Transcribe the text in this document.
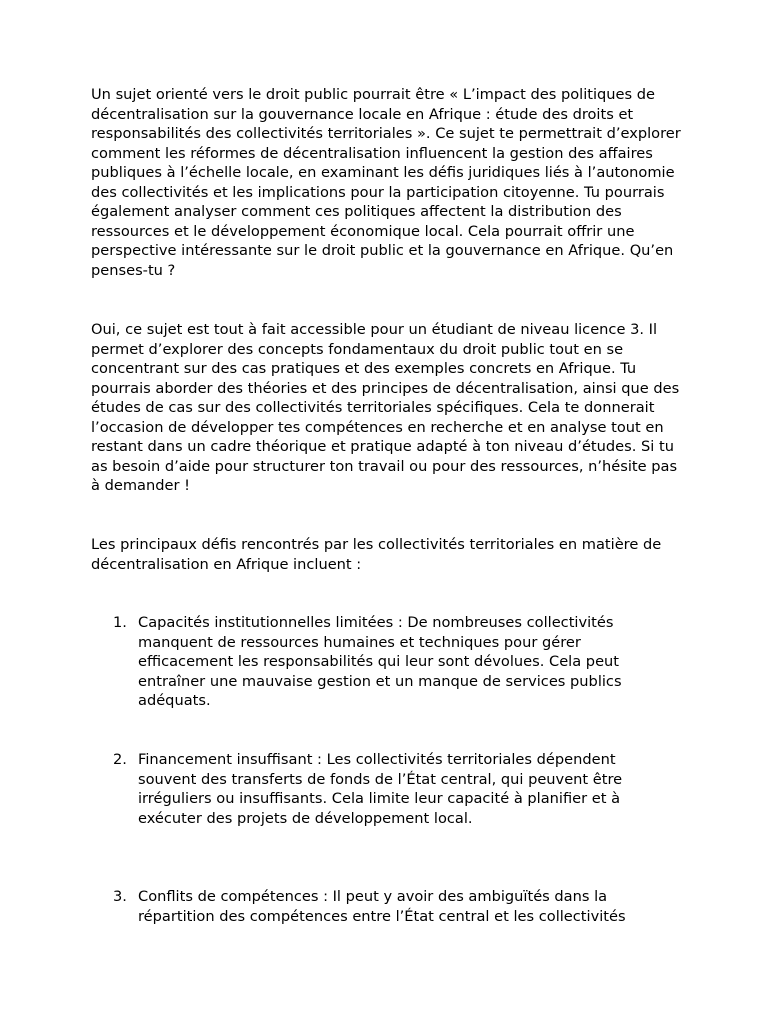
Un sujet orienté vers le droit public pourrait être « L’impact des politiques de décentralisation sur la gouvernance locale en Afrique : étude des droits et responsabilités des collectivités territoriales ». Ce sujet te permettrait d’explorer comment les réformes de décentralisation influencent la gestion des affaires publiques à l’échelle locale, en examinant les défis juridiques liés à l’autonomie des collectivités et les implications pour la participation citoyenne. Tu pourrais également analyser comment ces politiques affectent la distribution des ressources et le développement économique local. Cela pourrait offrir une perspective intéressante sur le droit public et la gouvernance en Afrique. Qu’en penses-tu ?

Oui, ce sujet est tout à fait accessible pour un étudiant de niveau licence 3. Il permet d’explorer des concepts fondamentaux du droit public tout en se concentrant sur des cas pratiques et des exemples concrets en Afrique. Tu pourrais aborder des théories et des principes de décentralisation, ainsi que des études de cas sur des collectivités territoriales spécifiques. Cela te donnerait l’occasion de développer tes compétences en recherche et en analyse tout en restant dans un cadre théorique et pratique adapté à ton niveau d’études. Si tu as besoin d’aide pour structurer ton travail ou pour des ressources, n’hésite pas à demander !

Les principaux défis rencontrés par les collectivités territoriales en matière de décentralisation en Afrique incluent :

1. Capacités institutionnelles limitées : De nombreuses collectivités manquent de ressources humaines et techniques pour gérer efficacement les responsabilités qui leur sont dévolues. Cela peut entraîner une mauvaise gestion et un manque de services publics adéquats.
2. Financement insuffisant : Les collectivités territoriales dépendent souvent des transferts de fonds de l’État central, qui peuvent être irréguliers ou insuffisants. Cela limite leur capacité à planifier et à exécuter des projets de développement local.
3. Conflits de compétences : Il peut y avoir des ambiguïtés dans la répartition des compétences entre l’État central et les collectivités
